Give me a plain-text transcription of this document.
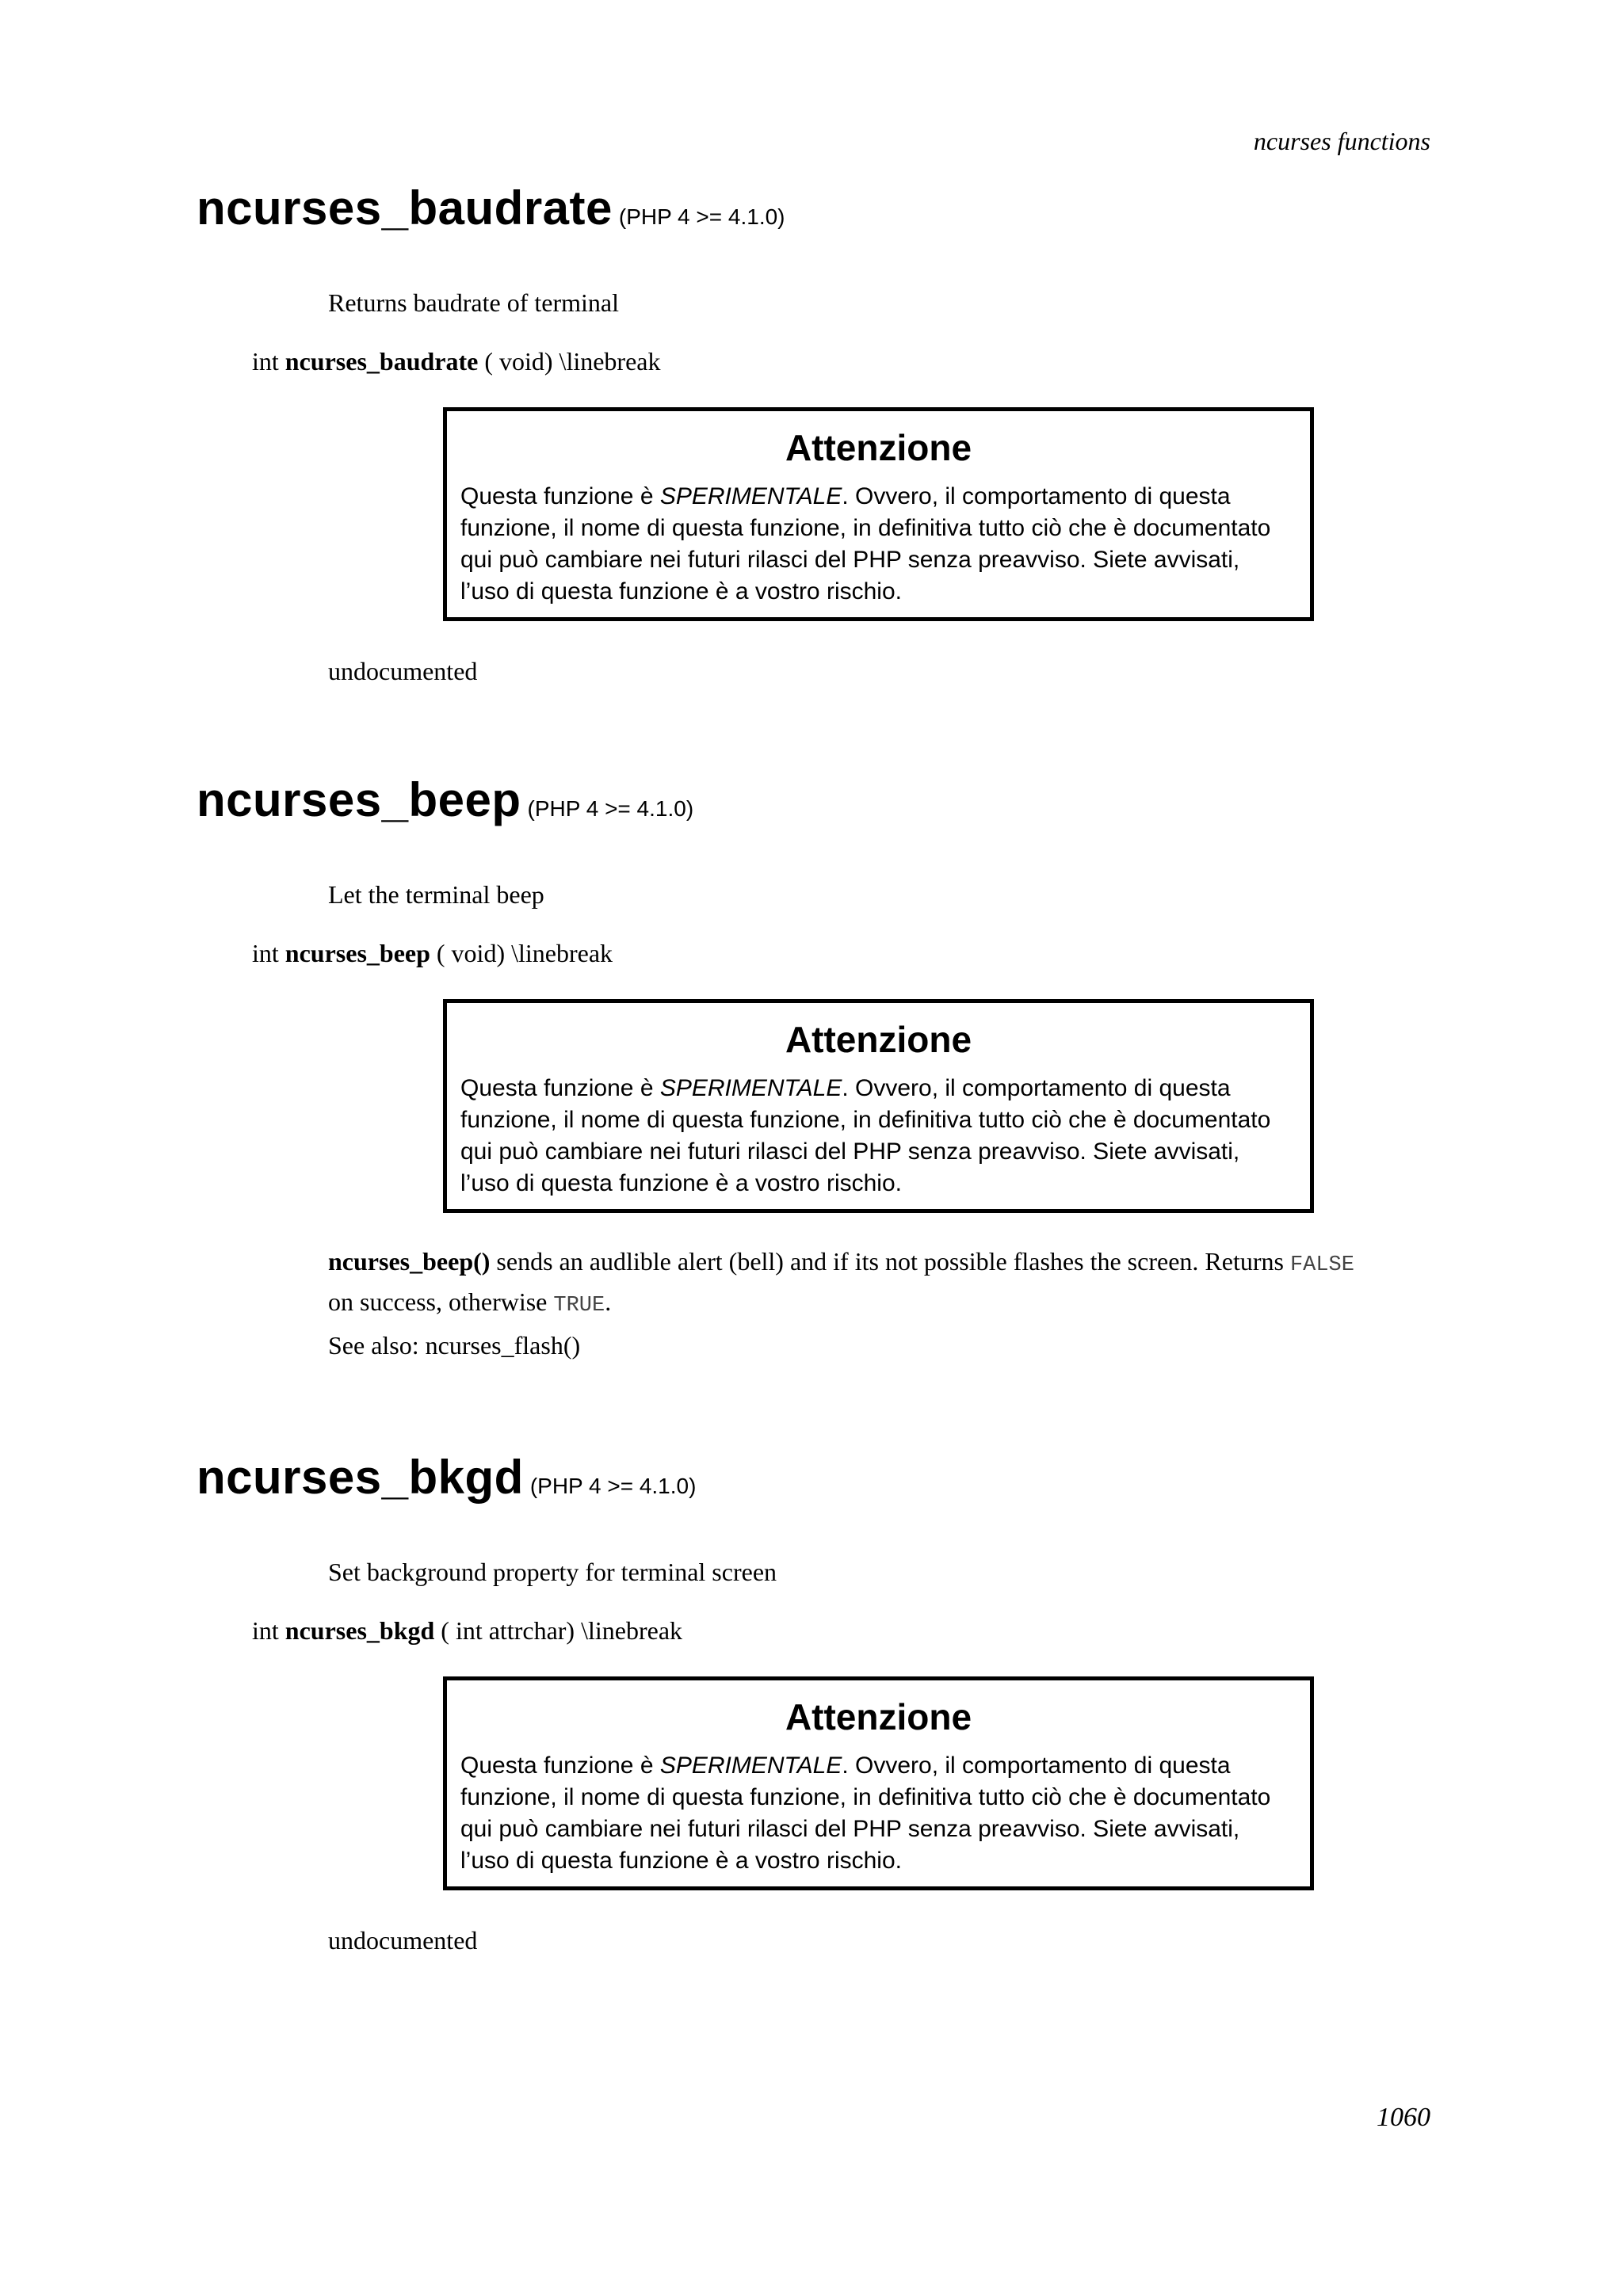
ncurses functions
ncurses_baudrate (PHP 4 >= 4.1.0)
Returns baudrate of terminal
int ncurses_baudrate ( void) \linebreak
Attenzione
Questa funzione è SPERIMENTALE. Ovvero, il comportamento di questa
funzione, il nome di questa funzione, in definitiva tutto ciò che è documentato
qui può cambiare nei futuri rilasci del PHP senza preavviso. Siete avvisati,
l’uso di questa funzione è a vostro rischio.
undocumented
ncurses_beep (PHP 4 >= 4.1.0)
Let the terminal beep
int ncurses_beep ( void) \linebreak
Attenzione
Questa funzione è SPERIMENTALE. Ovvero, il comportamento di questa
funzione, il nome di questa funzione, in definitiva tutto ciò che è documentato
qui può cambiare nei futuri rilasci del PHP senza preavviso. Siete avvisati,
l’uso di questa funzione è a vostro rischio.
ncurses_beep() sends an audlible alert (bell) and if its not possible flashes the screen. Returns FALSE on success, otherwise TRUE.
See also: ncurses_flash()
ncurses_bkgd (PHP 4 >= 4.1.0)
Set background property for terminal screen
int ncurses_bkgd ( int attrchar) \linebreak
Attenzione
Questa funzione è SPERIMENTALE. Ovvero, il comportamento di questa
funzione, il nome di questa funzione, in definitiva tutto ciò che è documentato
qui può cambiare nei futuri rilasci del PHP senza preavviso. Siete avvisati,
l’uso di questa funzione è a vostro rischio.
undocumented
1060
